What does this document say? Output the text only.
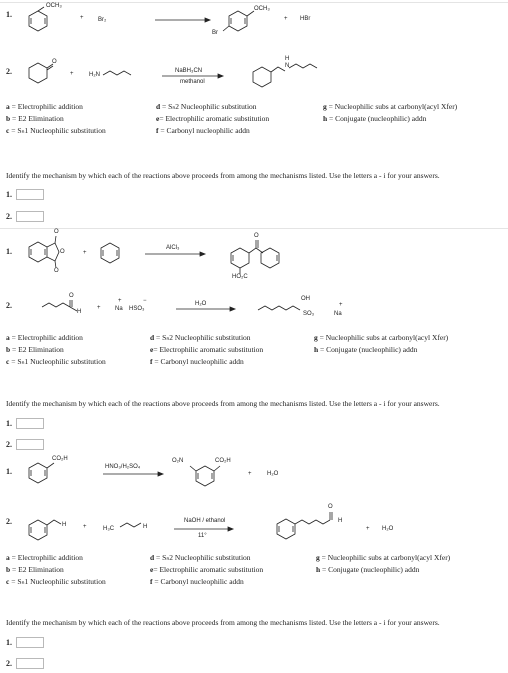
1.
2.
OCH₃
+ Br₂
OCH₃
Br
+ HBr
O
+	H₂N
NaBH₃CN
methanol
H
N
a = Electrophilic addition
b = E2 Elimination
c = Sₙ⁠1 Nucleophilic substitution
d = Sₙ2 Nucleophilic substitution
e= Electrophilic aromatic substitution
f = Carbonyl nucleophilic addn
g = Nucleophilic subs at carbonyl(acyl Xfer)
h = Conjugate (nucleophilic) addn
Identify the mechanism by which each of the reactions above proceeds from among the mechanisms listed. Use the letters a - i for your answers.
1.
2.
1.
2.
O
O
O
+
AlCl₃
O
HO₂C
O
H
+
+
Na
−
HSO₃
H₂O
OH
SO₃
+
Na
a = Electrophilic addition
b = E2 Elimination
c = Sₙ⁠1 Nucleophilic substitution
d = Sₙ2 Nucleophilic substitution
e= Electrophilic aromatic substitution
f = Carbonyl nucleophilic addn
g = Nucleophilic subs at carbonyl(acyl Xfer)
h = Conjugate (nucleophilic) addn
Identify the mechanism by which each of the reactions above proceeds from among the mechanisms listed. Use the letters a - i for your answers.
1.
2.
1.
2.
CO₂H
HNO₃/H₂SO₄
O₂N	CO₂H
+	H₂O
H	+	H₃C	H
NaOH / ethanol
11°
O
H
+ H₂O
a = Electrophilic addition
b = E2 Elimination
c = Sₙ⁠1 Nucleophilic substitution
d = Sₙ2 Nucleophilic substitution
e= Electrophilic aromatic substitution
f = Carbonyl nucleophilic addn
g = Nucleophilic subs at carbonyl(acyl Xfer)
h = Conjugate (nucleophilic) addn
Identify the mechanism by which each of the reactions above proceeds from among the mechanisms listed. Use the letters a - i for your answers.
1.
2.
